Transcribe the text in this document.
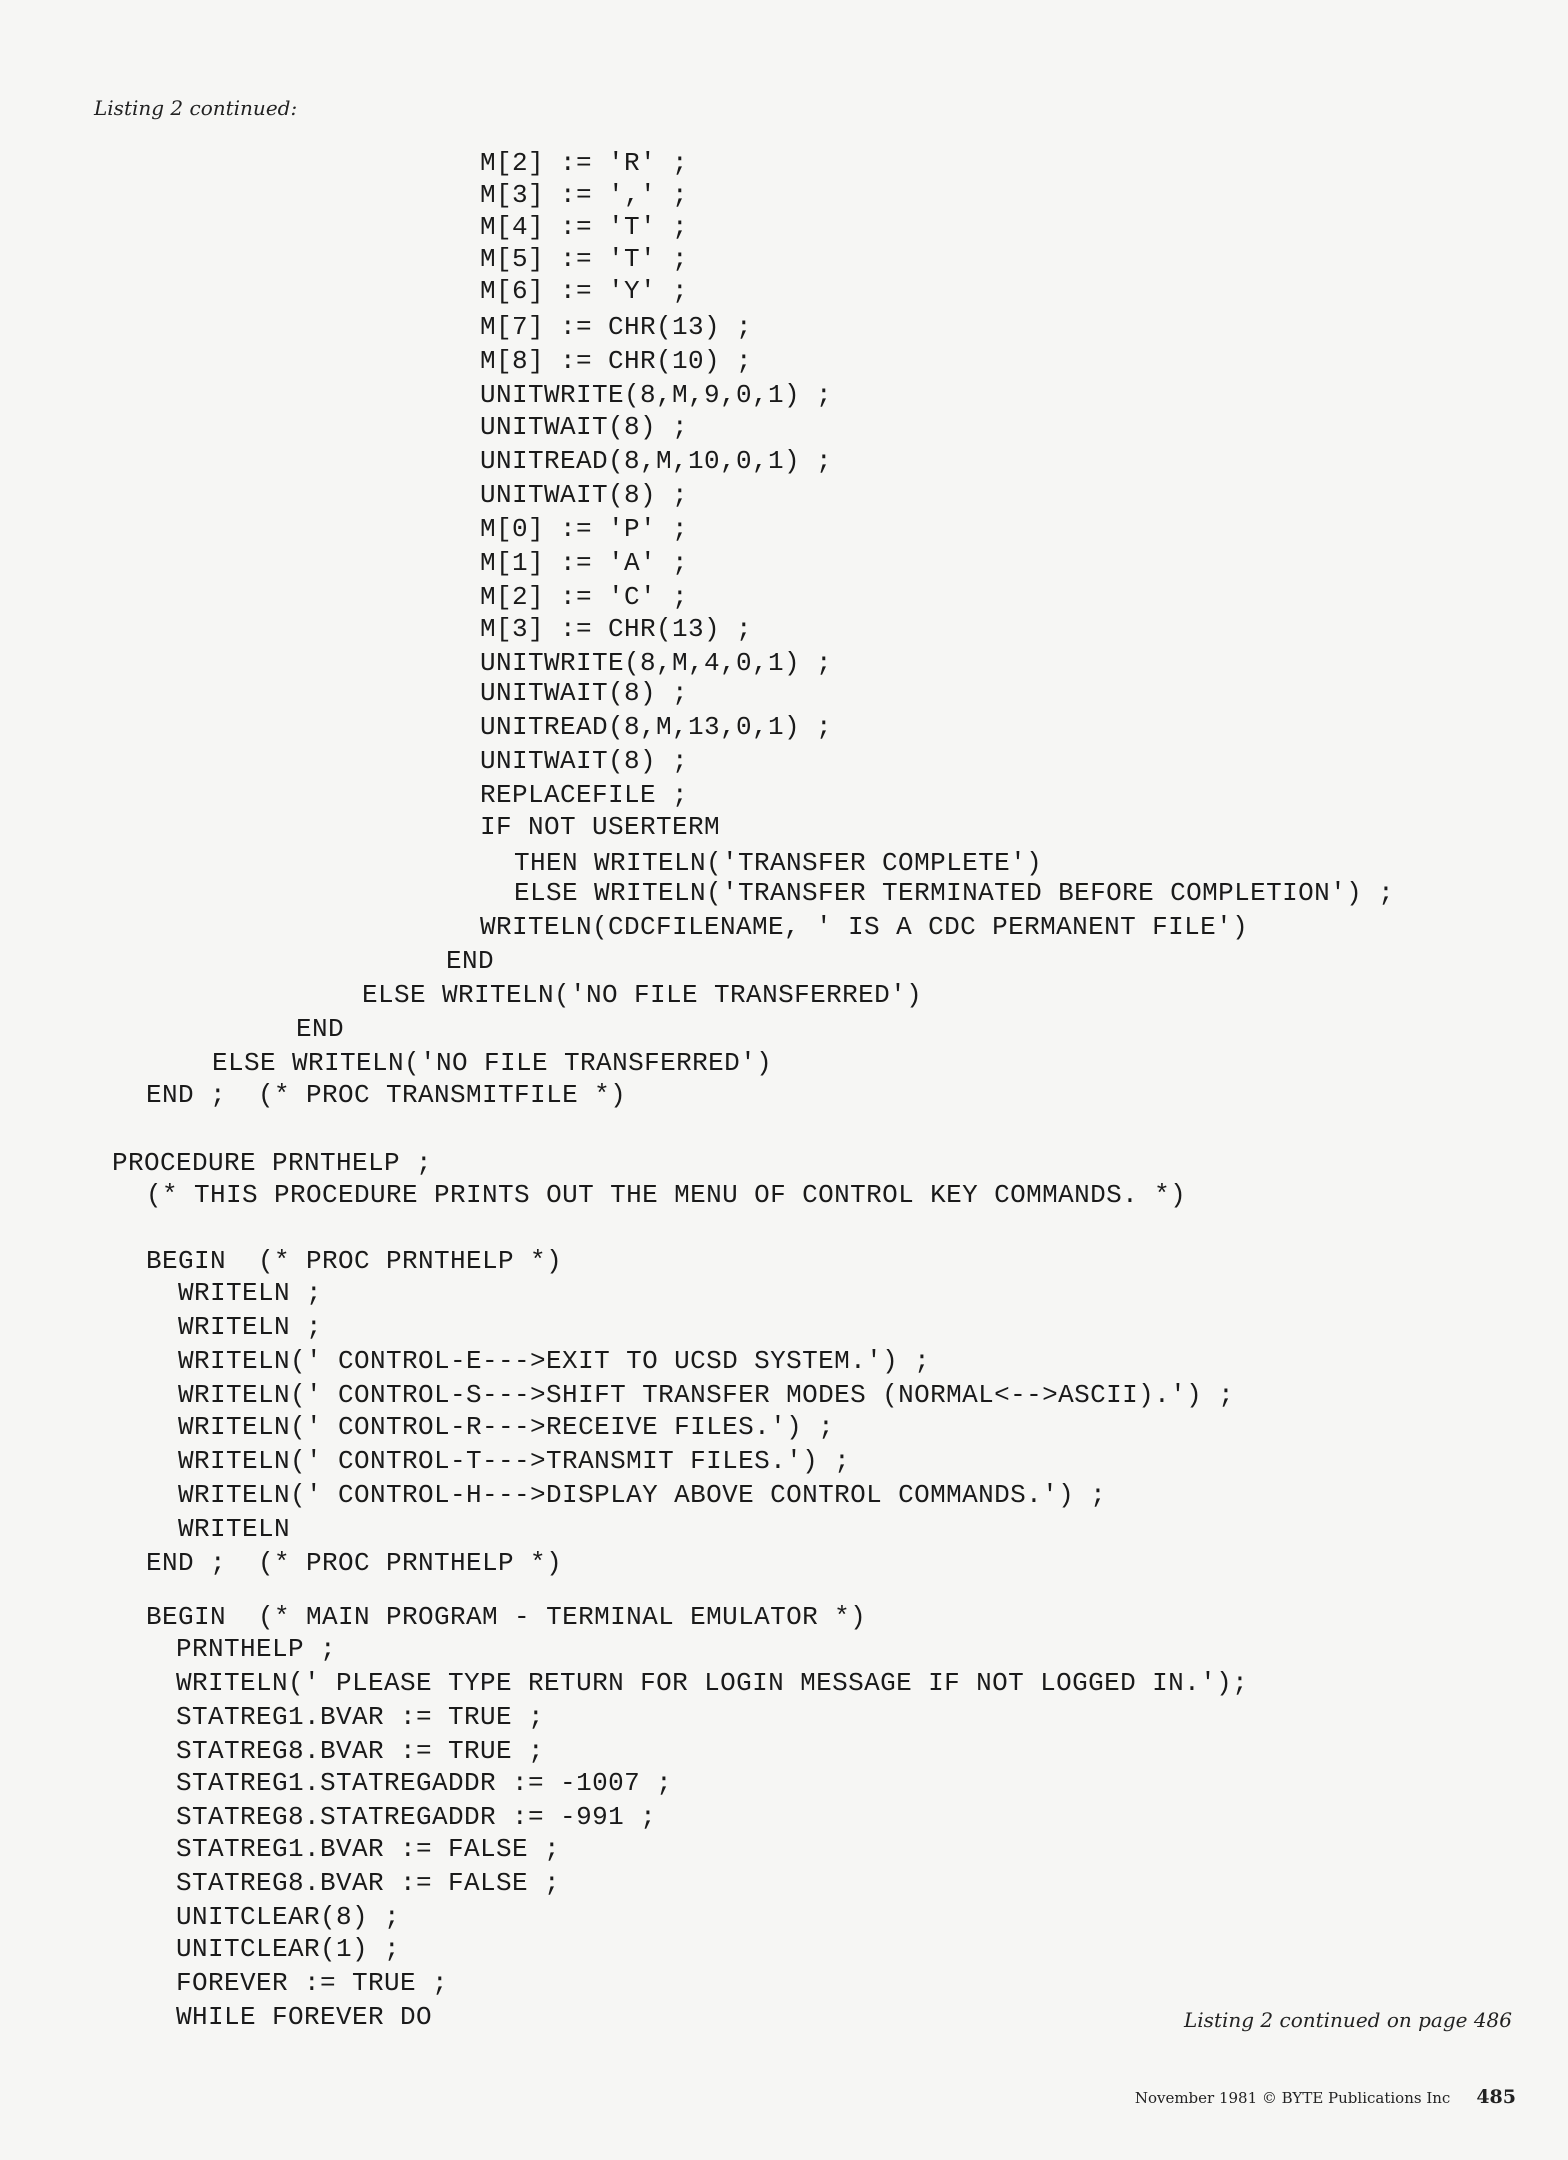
Listing 2 continued:
M[2] := 'R' ;
M[3] := ',' ;
M[4] := 'T' ;
M[5] := 'T' ;
M[6] := 'Y' ;
M[7] := CHR(13) ;
M[8] := CHR(10) ;
UNITWRITE(8,M,9,0,1) ;
UNITWAIT(8) ;
UNITREAD(8,M,10,0,1) ;
UNITWAIT(8) ;
M[0] := 'P' ;
M[1] := 'A' ;
M[2] := 'C' ;
M[3] := CHR(13) ;
UNITWRITE(8,M,4,0,1) ;
UNITWAIT(8) ;
UNITREAD(8,M,13,0,1) ;
UNITWAIT(8) ;
REPLACEFILE ;
IF NOT USERTERM
THEN WRITELN('TRANSFER COMPLETE')
ELSE WRITELN('TRANSFER TERMINATED BEFORE COMPLETION') ;
WRITELN(CDCFILENAME, ' IS A CDC PERMANENT FILE')
END
ELSE WRITELN('NO FILE TRANSFERRED')
END
ELSE WRITELN('NO FILE TRANSFERRED')
END ;  (* PROC TRANSMITFILE *)
PROCEDURE PRNTHELP ;
(* THIS PROCEDURE PRINTS OUT THE MENU OF CONTROL KEY COMMANDS. *)
BEGIN  (* PROC PRNTHELP *)
WRITELN ;
WRITELN ;
WRITELN(' CONTROL-E--->EXIT TO UCSD SYSTEM.') ;
WRITELN(' CONTROL-S--->SHIFT TRANSFER MODES (NORMAL<-->ASCII).') ;
WRITELN(' CONTROL-R--->RECEIVE FILES.') ;
WRITELN(' CONTROL-T--->TRANSMIT FILES.') ;
WRITELN(' CONTROL-H--->DISPLAY ABOVE CONTROL COMMANDS.') ;
WRITELN
END ;  (* PROC PRNTHELP *)
BEGIN  (* MAIN PROGRAM - TERMINAL EMULATOR *)
PRNTHELP ;
WRITELN(' PLEASE TYPE RETURN FOR LOGIN MESSAGE IF NOT LOGGED IN.');
STATREG1.BVAR := TRUE ;
STATREG8.BVAR := TRUE ;
STATREG1.STATREGADDR := -1007 ;
STATREG8.STATREGADDR := -991 ;
STATREG1.BVAR := FALSE ;
STATREG8.BVAR := FALSE ;
UNITCLEAR(8) ;
UNITCLEAR(1) ;
FOREVER := TRUE ;
WHILE FOREVER DO	Listing 2 continued on page 486
November 1981 © BYTE Publications Inc 485
